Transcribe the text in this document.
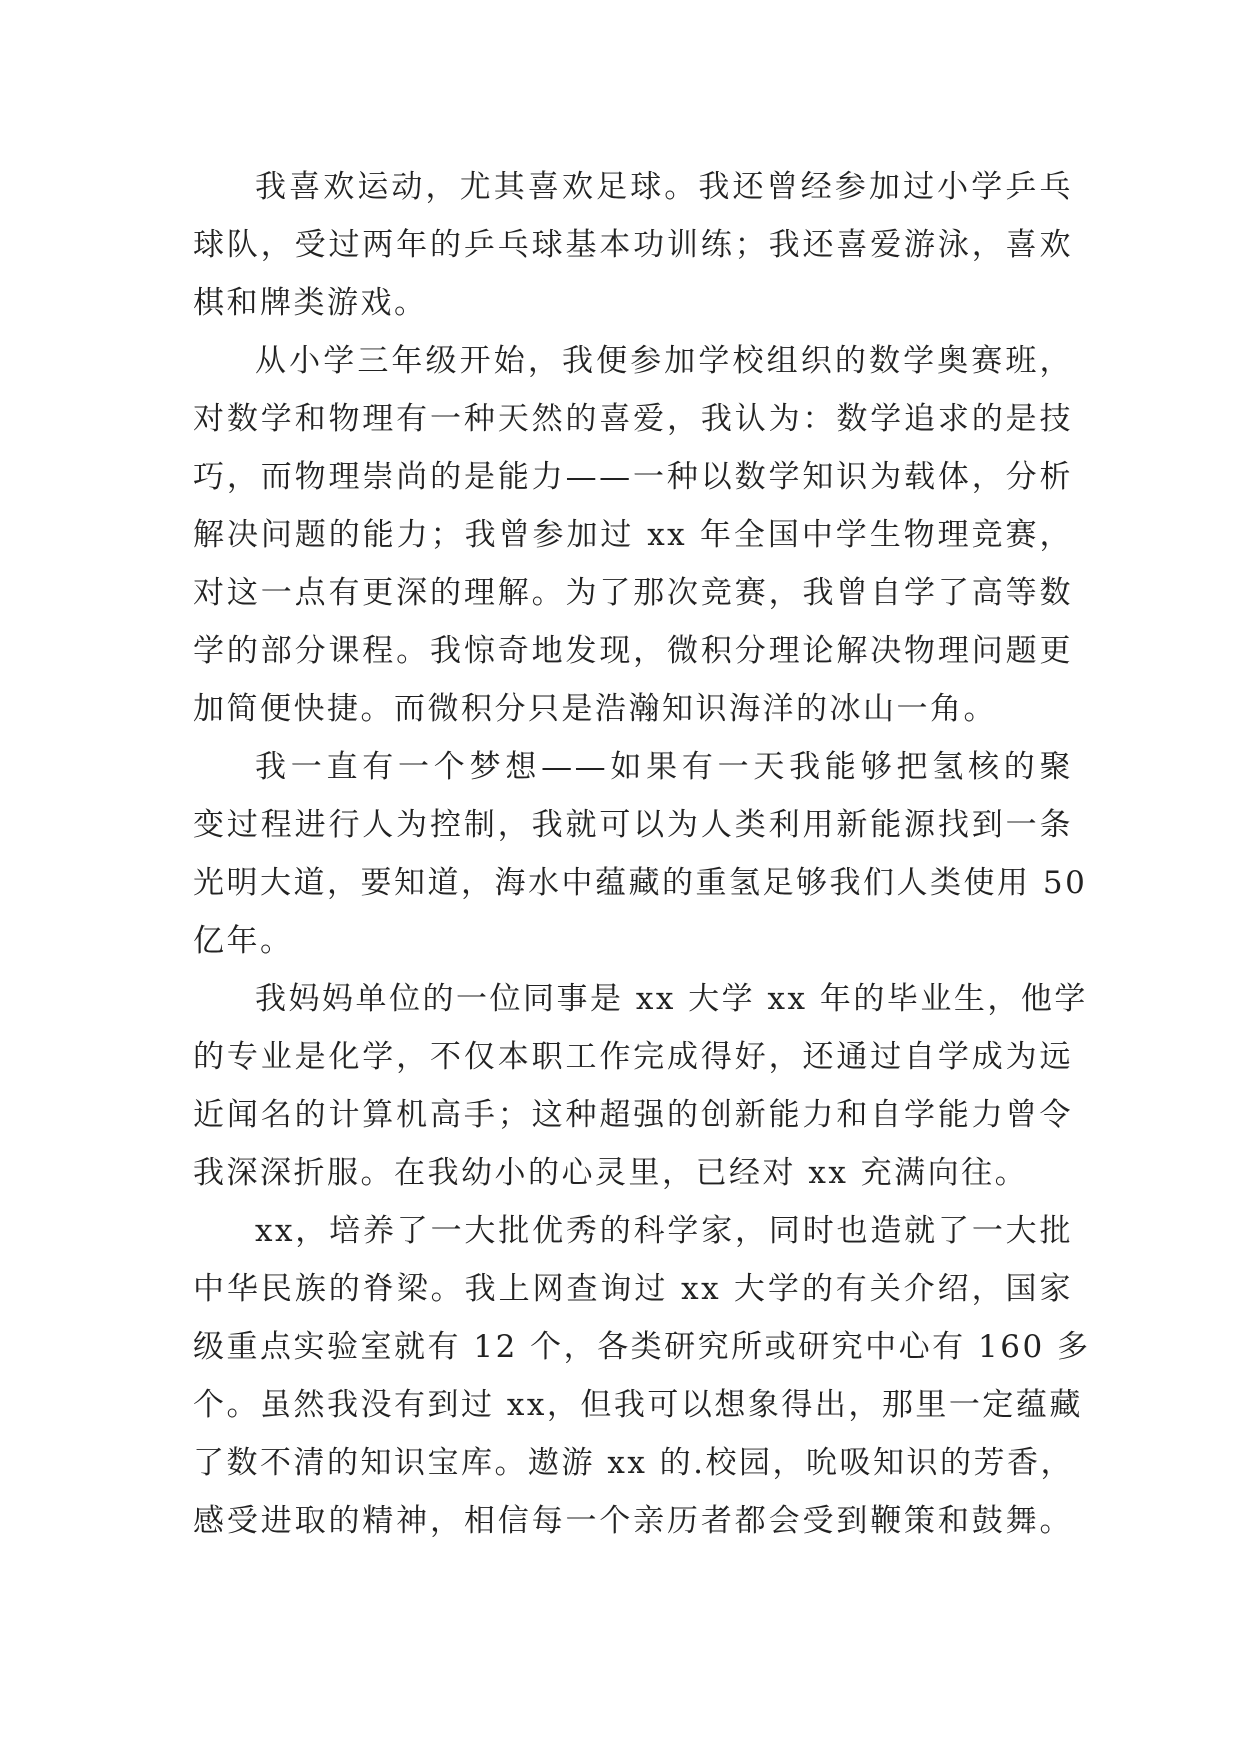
我喜欢运动，尤其喜欢足球。我还曾经参加过小学乒乓
球队，受过两年的乒乓球基本功训练；我还喜爱游泳，喜欢
棋和牌类游戏。
从小学三年级开始，我便参加学校组织的数学奥赛班，
对数学和物理有一种天然的喜爱，我认为：数学追求的是技
巧，而物理崇尚的是能力——一种以数学知识为载体，分析
解决问题的能力；我曾参加过 xx 年全国中学生物理竞赛，
对这一点有更深的理解。为了那次竞赛，我曾自学了高等数
学的部分课程。我惊奇地发现，微积分理论解决物理问题更
加简便快捷。而微积分只是浩瀚知识海洋的冰山一角。
我一直有一个梦想——如果有一天我能够把氢核的聚
变过程进行人为控制，我就可以为人类利用新能源找到一条
光明大道，要知道，海水中蕴藏的重氢足够我们人类使用 50
亿年。
我妈妈单位的一位同事是 xx 大学 xx 年的毕业生，他学
的专业是化学，不仅本职工作完成得好，还通过自学成为远
近闻名的计算机高手；这种超强的创新能力和自学能力曾令
我深深折服。在我幼小的心灵里，已经对 xx 充满向往。
xx，培养了一大批优秀的科学家，同时也造就了一大批
中华民族的脊梁。我上网查询过 xx 大学的有关介绍，国家
级重点实验室就有 12 个，各类研究所或研究中心有 160 多
个。虽然我没有到过 xx，但我可以想象得出，那里一定蕴藏
了数不清的知识宝库。遨游 xx 的.校园，吮吸知识的芳香，
感受进取的精神，相信每一个亲历者都会受到鞭策和鼓舞。
